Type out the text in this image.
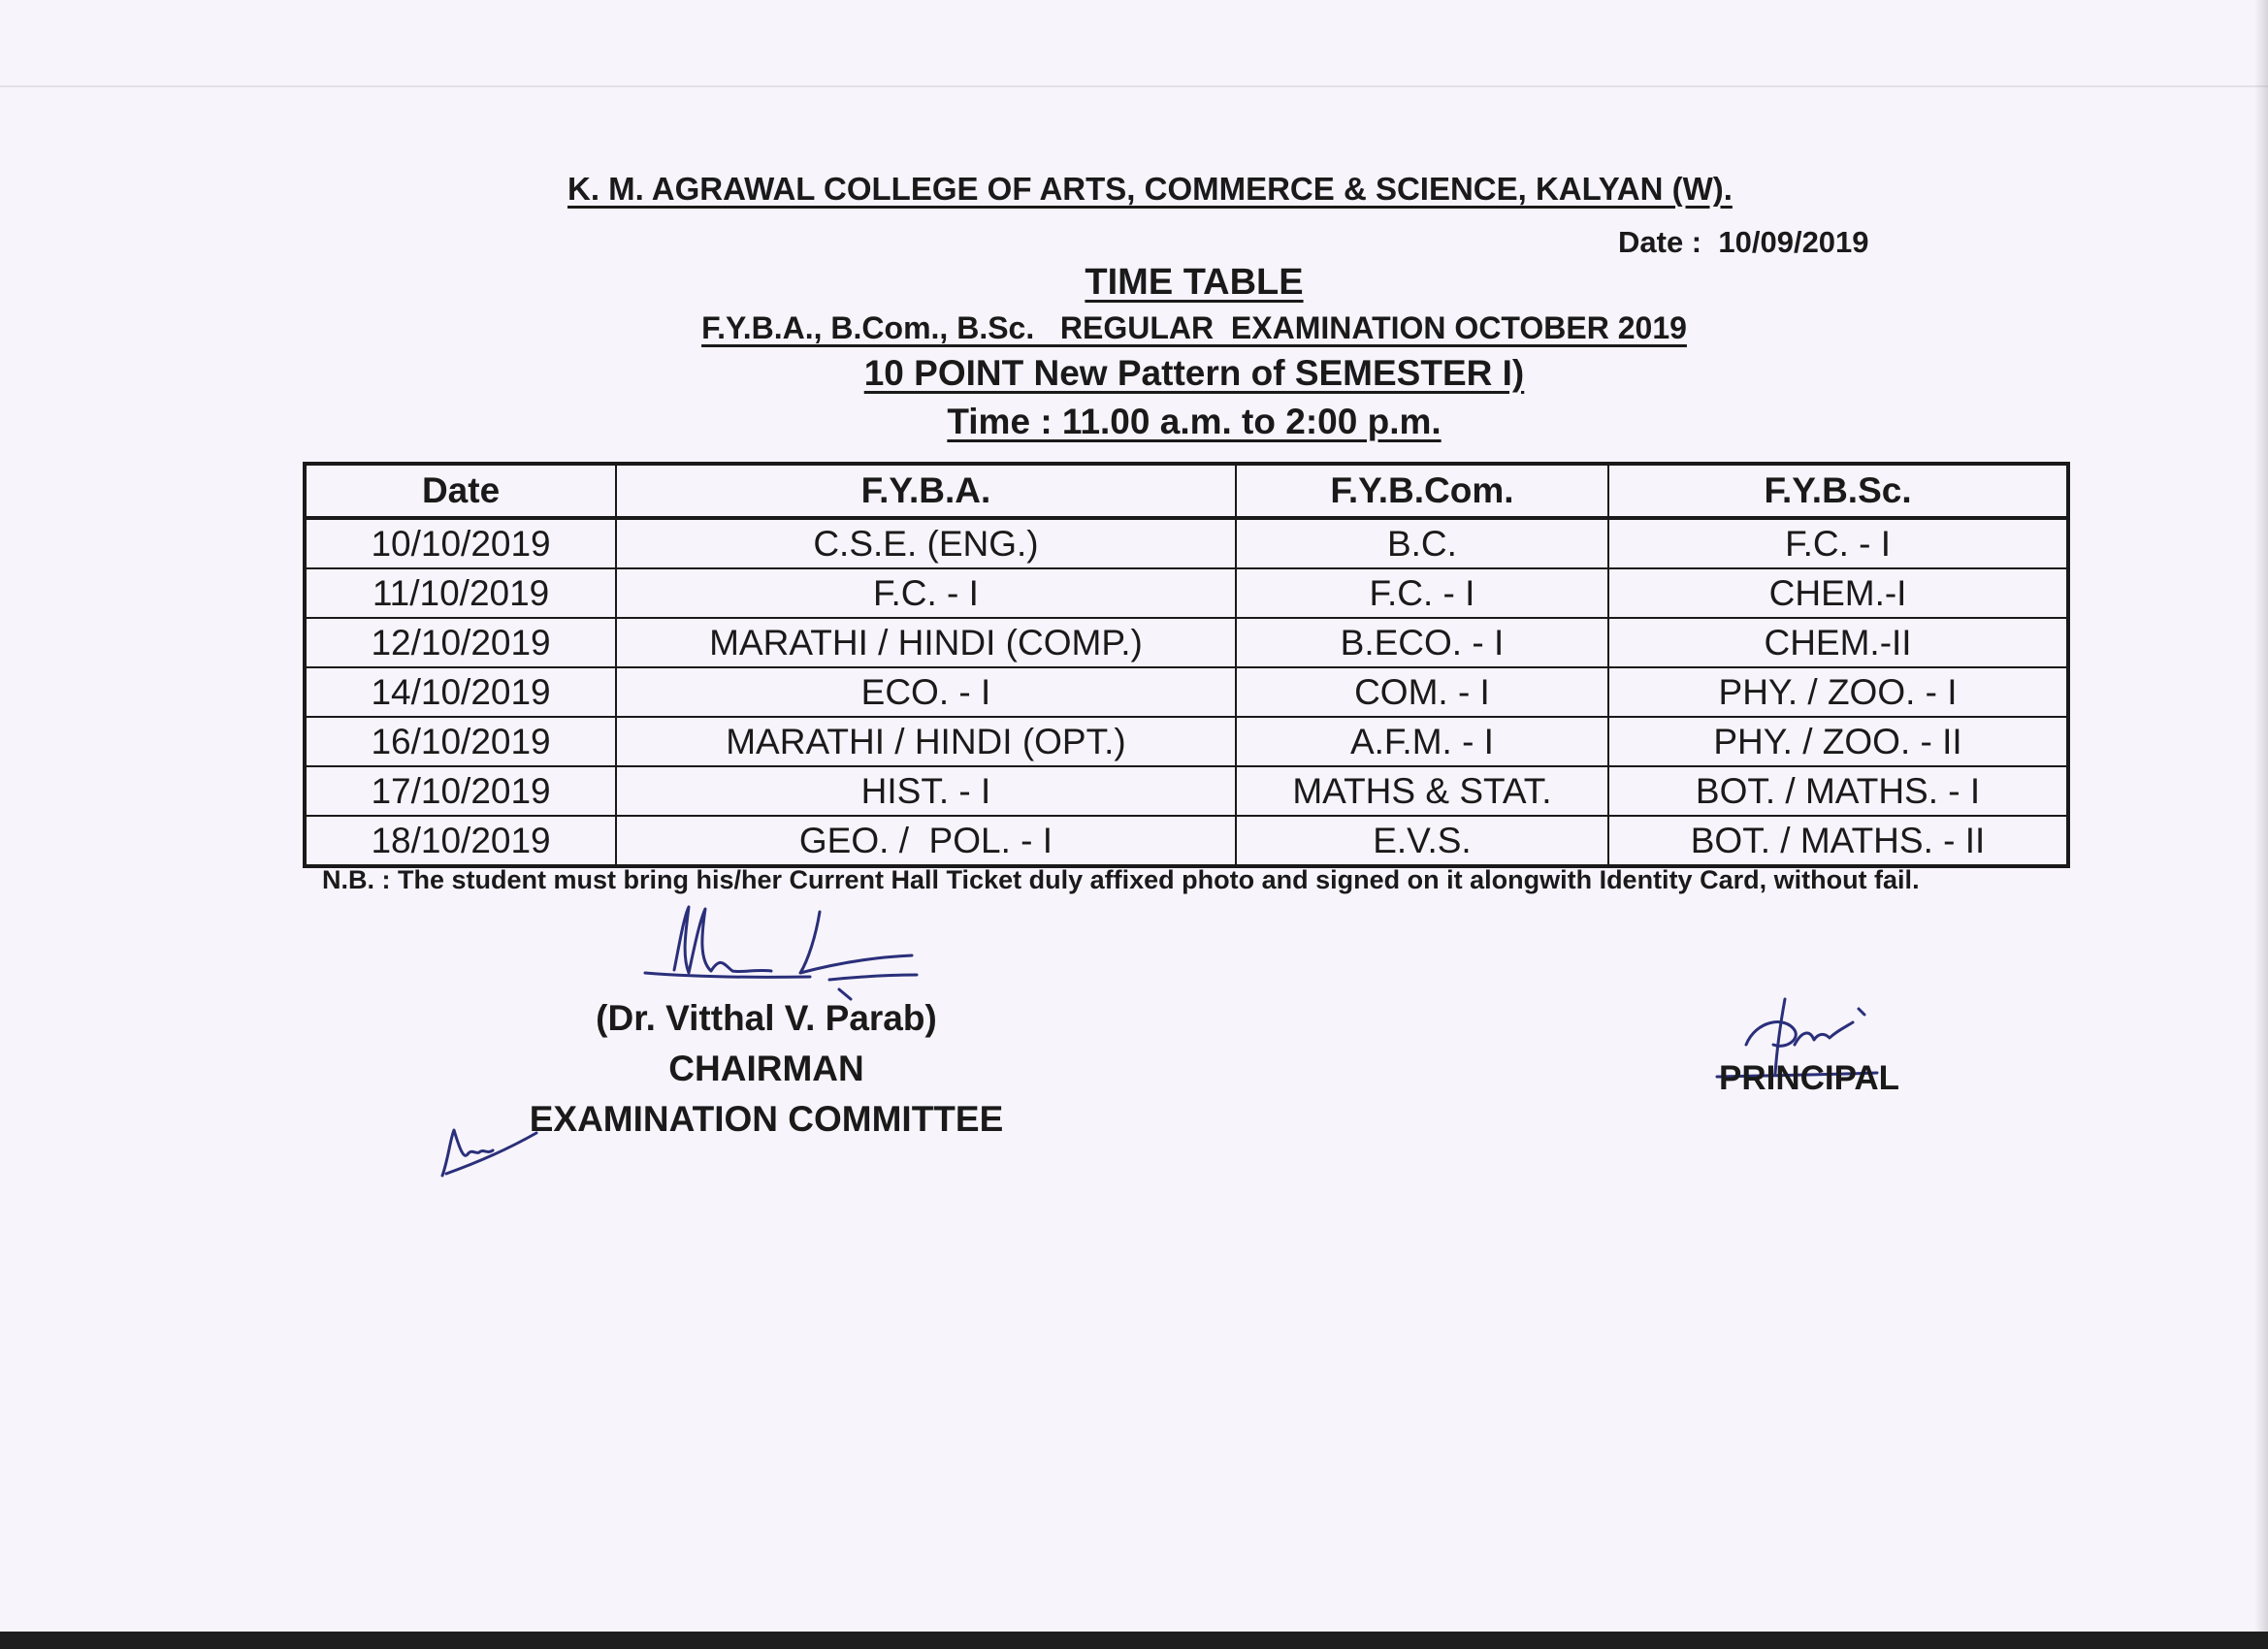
K. M. AGRAWAL COLLEGE OF ARTS, COMMERCE & SCIENCE, KALYAN (W).
Date : 10/09/2019
TIME TABLE
F.Y.B.A., B.Com., B.Sc.   REGULAR  EXAMINATION OCTOBER 2019
10 POINT New Pattern of SEMESTER I)
Time : 11.00 a.m. to 2:00 p.m.
Date	F.Y.B.A.	F.Y.B.Com.	F.Y.B.Sc.
10/10/2019	C.S.E. (ENG.)	B.C.	F.C. - I
11/10/2019	F.C. - I	F.C. - I	CHEM.-I
12/10/2019	MARATHI / HINDI (COMP.)	B.ECO. - I	CHEM.-II
14/10/2019	ECO. - I	COM. - I	PHY. / ZOO. - I
16/10/2019	MARATHI / HINDI (OPT.)	A.F.M. - I	PHY. / ZOO. - II
17/10/2019	HIST. - I	MATHS & STAT.	BOT. / MATHS. - I
18/10/2019	GEO. /  POL. - I	E.V.S.	BOT. / MATHS. - II
N.B. : The student must bring his/her Current Hall Ticket duly affixed photo and signed on it alongwith Identity Card, without fail.
(Dr. Vitthal V. Parab)
CHAIRMAN
EXAMINATION COMMITTEE
PRINCIPAL
